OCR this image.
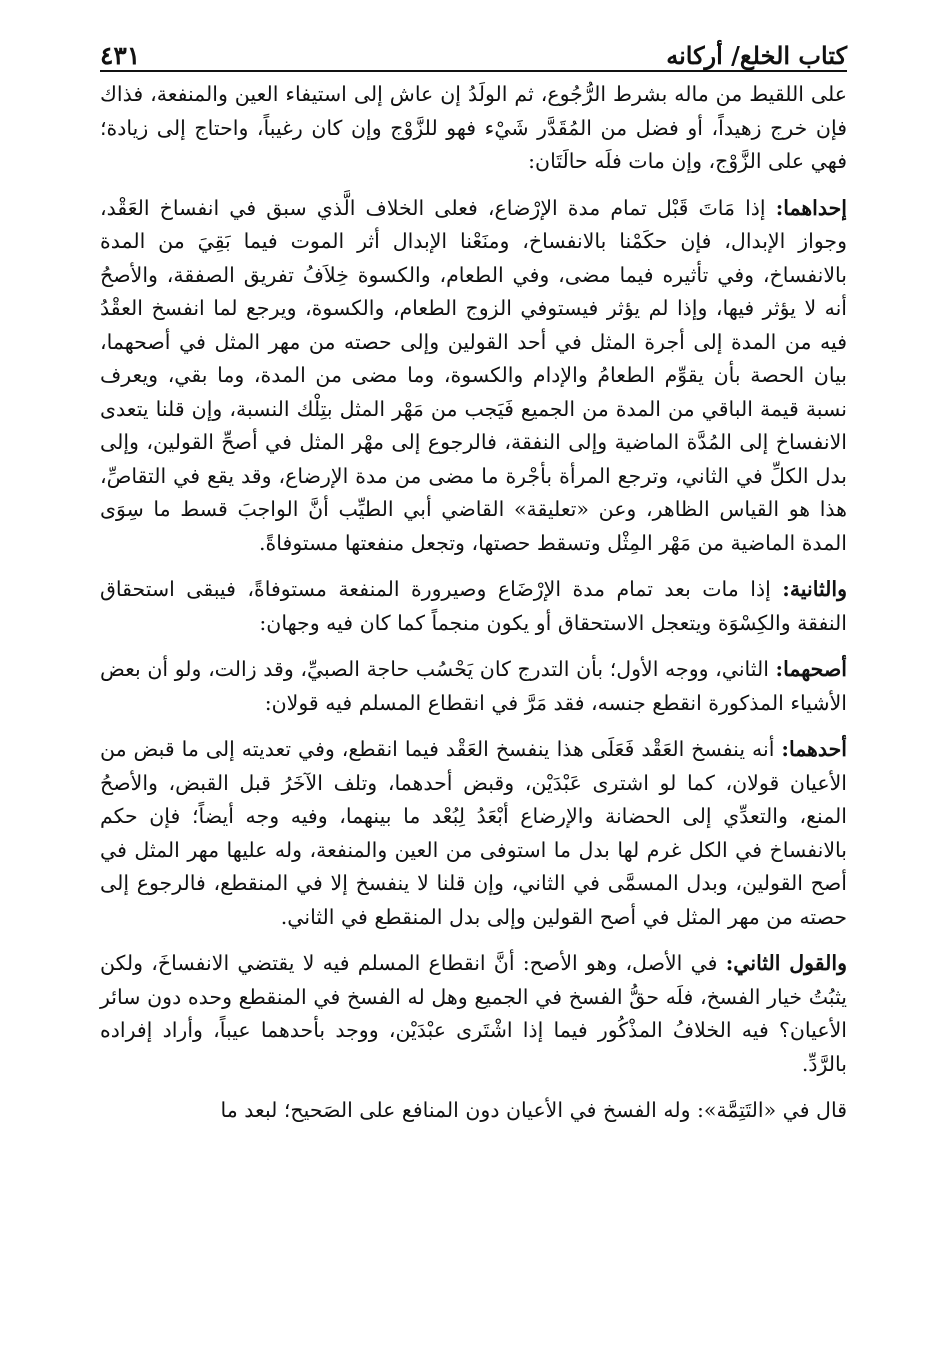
كتاب الخلع/ أركانه
٤٣١

على اللقيط من ماله بشرط الرُّجُوع، ثم الولَدُ إن عاش إلى استيفاء العين والمنفعة، فذاك فإن خرج زهيداً، أو فضل من المُقَدَّر شَيْء فهو للزَّوْج وإن كان رغيباً، واحتاج إلى زيادة؛ فهي على الزَّوْج، وإن مات فلَه حالَتَان:

إحداهما: إذا مَاتَ قَبْل تمام مدة الإرْضاع، فعلى الخلاف الَّذي سبق في انفساخ العَقْد، وجواز الإبدال، فإن حكَمْنا بالانفساخ، ومنَعْنا الإبدال أثر الموت فيما بَقِيَ من المدة بالانفساخ، وفي تأثيره فيما مضى، وفي الطعام، والكسوة خِلاَفُ تفريق الصفقة، والأصحُ أنه لا يؤثر فيها، وإذا لم يؤثر فيستوفي الزوج الطعام، والكسوة، ويرجع لما انفسخ العقْدُ فيه من المدة إلى أجرة المثل في أحد القولين وإلى حصته من مهر المثل في أصحهما، بيان الحصة بأن يقوِّم الطعامُ والإدام والكسوة، وما مضى من المدة، وما بقي، ويعرف نسبة قيمة الباقي من المدة من الجميع فَيَجب من مَهْر المثل بتِلْك النسبة، وإن قلنا يتعدى الانفساخ إلى المُدَّة الماضية وإلى النفقة، فالرجوع إلى مهْر المثل في أصحِّ القولين، وإلى بدل الكلِّ في الثاني، وترجع المرأة بأجْرة ما مضى من مدة الإرضاع، وقد يقع في التقاصِّ، هذا هو القياس الظاهر، وعن «تعليقة» القاضي أبي الطيِّب أنَّ الواجبَ قسط ما سِوَى المدة الماضية من مَهْر المِثْل وتسقط حصتها، وتجعل منفعتها مستوفاةً.

والثانية: إذا مات بعد تمام مدة الإرْضَاع وصيرورة المنفعة مستوفاةً، فيبقى استحقاق النفقة والكِسْوَة ويتعجل الاستحقاق أو يكون منجماً كما كان فيه وجهان:

أصحهما: الثاني، ووجه الأول؛ بأن التدرج كان يَحْسُب حاجة الصبيِّ، وقد زالت، ولو أن بعض الأشياء المذكورة انقطع جنسه، فقد مَرَّ في انقطاع المسلم فيه قولان:

أحدهما: أنه ينفسخ العَقْد فَعَلَى هذا ينفسخ العَقْد فيما انقطع، وفي تعديته إلى ما قبض من الأعيان قولان، كما لو اشترى عَبْدَيْن، وقبض أحدهما، وتلف الآخَرُ قبل القبض، والأصحُ المنع، والتعدِّي إلى الحضانة والإرضاع أبْعَدُ لِبُعْد ما بينهما، وفيه وجه أيضاً؛ فإن حكم بالانفساخ في الكل غرم لها بدل ما استوفى من العين والمنفعة، وله عليها مهر المثل في أصح القولين، وبدل المسمَّى في الثاني، وإن قلنا لا ينفسخ إلا في المنقطع، فالرجوع إلى حصته من مهر المثل في أصح القولين وإلى بدل المنقطع في الثاني.

والقول الثاني: في الأصل، وهو الأصح: أنَّ انقطاع المسلم فيه لا يقتضي الانفساخَ، ولكن يثبُتُ خيار الفسخ، فلَه حقُّ الفسخ في الجميع وهل له الفسخ في المنقطع وحده دون سائر الأعيان؟ فيه الخلافُ المذْكُور فيما إذا اشْتَرى عبْدَيْن، ووجد بأحدهما عيباً، وأراد إفراده بالرَّدِّ.

قال في «التَتِمَّة»: وله الفسخ في الأعيان دون المنافع على الصَحيح؛ لبعد ما
